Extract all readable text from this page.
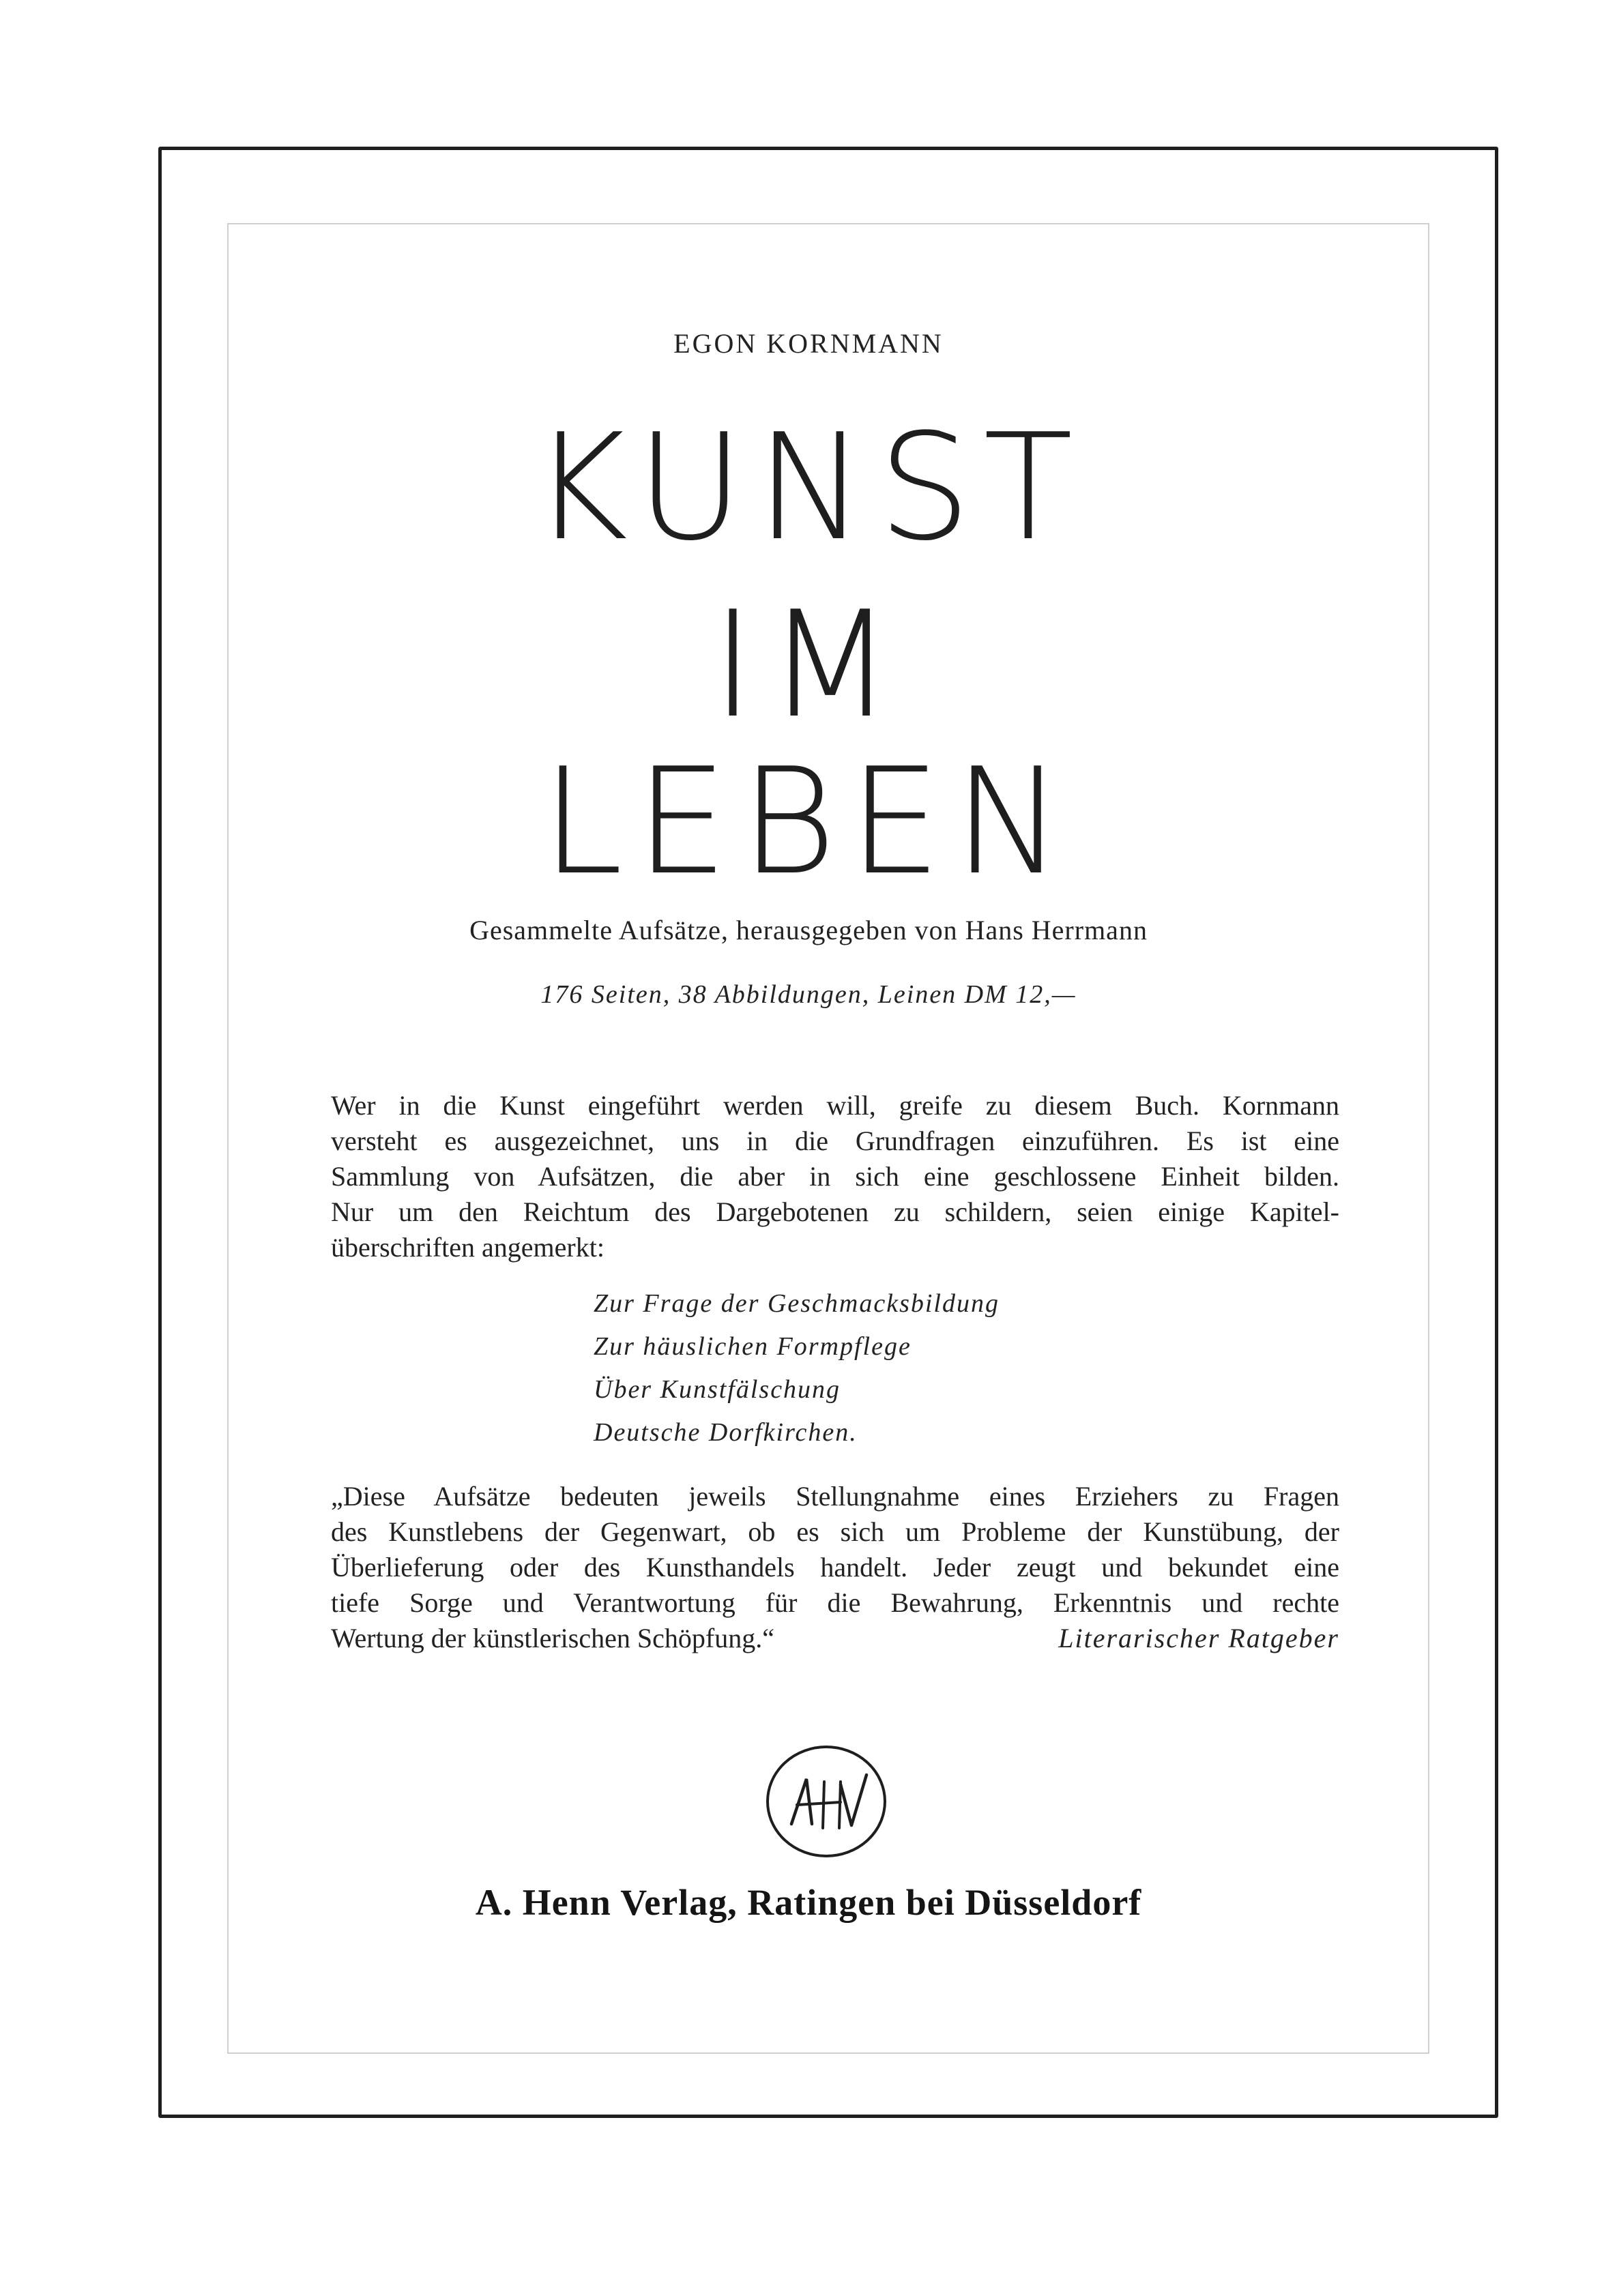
EGON KORNMANN
KUNST
IM
LEBEN
Gesammelte Aufsätze, herausgegeben von Hans Herrmann
176 Seiten, 38 Abbildungen, Leinen DM 12,—
Wer in die Kunst eingeführt werden will, greife zu diesem Buch. Kornmann
versteht es ausgezeichnet, uns in die Grundfragen einzuführen. Es ist eine
Sammlung von Aufsätzen, die aber in sich eine geschlossene Einheit bilden.
Nur um den Reichtum des Dargebotenen zu schildern, seien einige Kapitel-
überschriften angemerkt:
Zur Frage der Geschmacksbildung
Zur häuslichen Formpflege
Über Kunstfälschung
Deutsche Dorfkirchen.
„Diese Aufsätze bedeuten jeweils Stellungnahme eines Erziehers zu Fragen
des Kunstlebens der Gegenwart, ob es sich um Probleme der Kunstübung, der
Überlieferung oder des Kunsthandels handelt. Jeder zeugt und bekundet eine
tiefe Sorge und Verantwortung für die Bewahrung, Erkenntnis und rechte
Wertung der künstlerischen Schöpfung.“	Literarischer Ratgeber
A. Henn Verlag, Ratingen bei Düsseldorf
